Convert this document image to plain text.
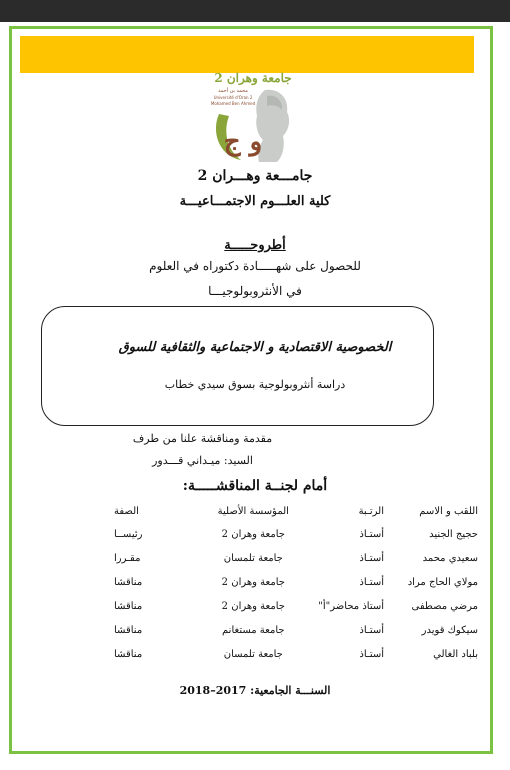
جامعة وهران 2
محمد بن أحمد
Université d'Oran 2
Mohamed Ben Ahmed
و ج
جامـــعة وهـــران 2
كلية العلـــوم الاجتمـــاعيـــة
أطروحـــــة
للحصول على شهـــــادة دكتوراه في العلوم
في الأنثروبولوجيـــا
الخصوصية الاقتصادية و الاجتماعية والثقافية للسوق
دراسة أنثروبولوجية بسوق سيدي خطاب
مقدمة ومناقشة علنا من طرف
السيد: ميـداني قـــدور
أمام لجنــة المناقشـــــة:
اللقب و الاسم	الرتـبة	المؤسسة الأصلية	الصفة
حجيج الجنيد	أستـاذ	جامعة وهران 2	رئيســا
سعيدي محمد	أستـاذ	جامعة تلمسان	مقـررا
مولاي الحاج مراد	أستـاذ	جامعة وهران 2	مناقشا
مرضي مصطفى	أستاذ محاضر"أ"	جامعة وهران 2	مناقشا
سيكوك قويدر	أستـاذ	جامعة مستغانم	مناقشا
بلباد الغالي	أستـاذ	جامعة تلمسان	مناقشا
السنـــة الجامعية: 2017–2018
